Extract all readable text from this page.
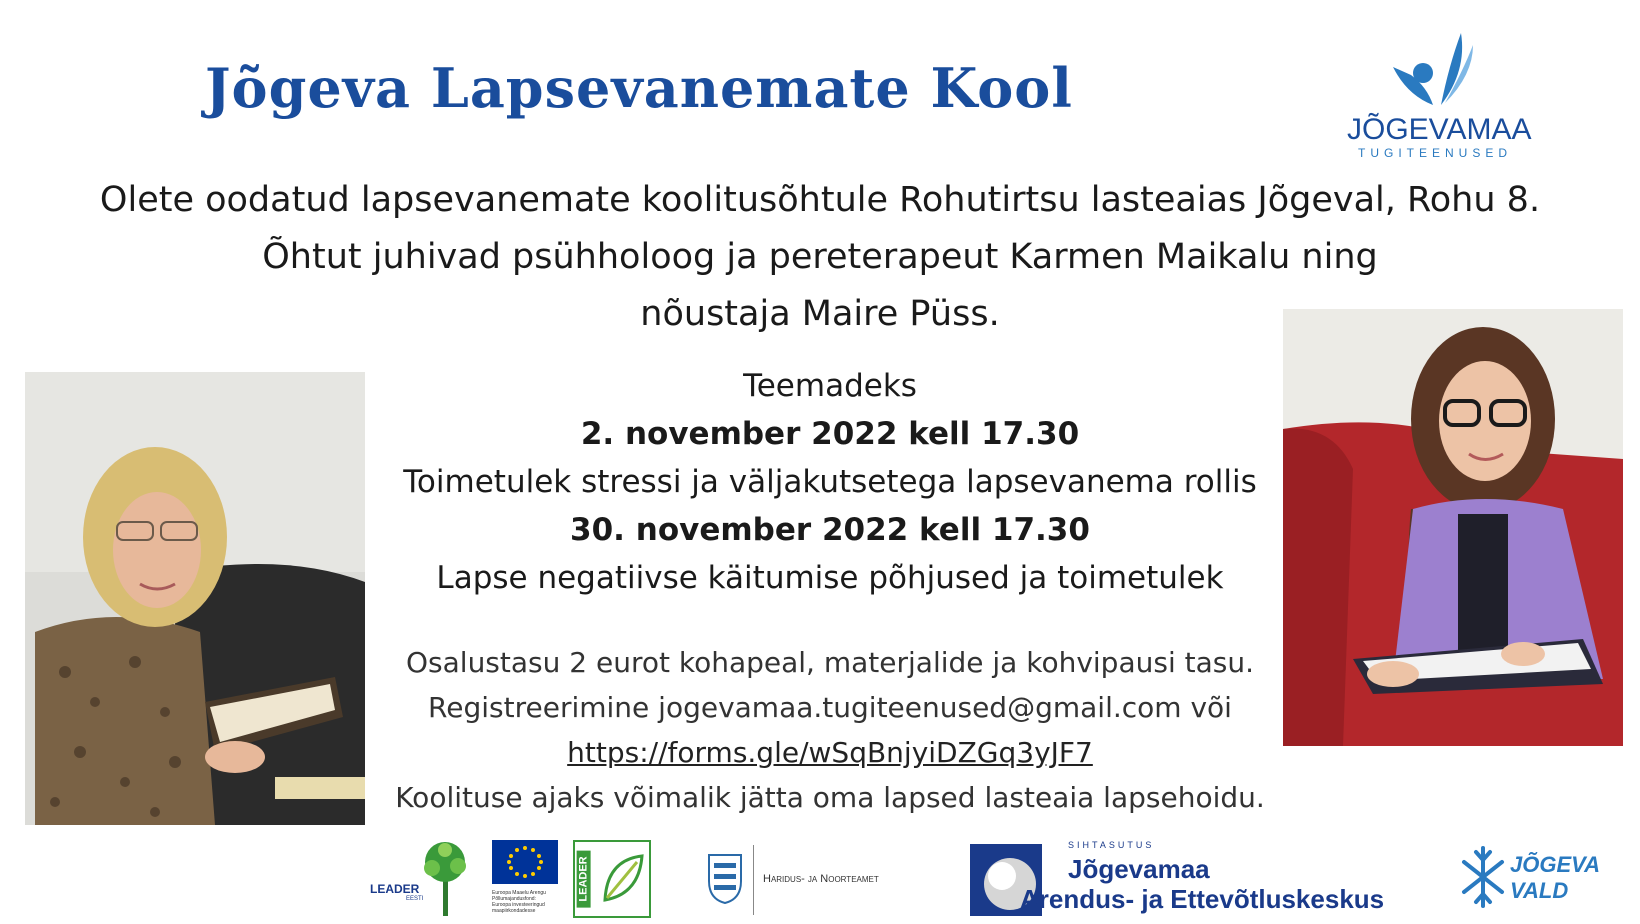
Jõgeva Lapsevanemate Kool
JÕGEVAMAA
TUGITEENUSED
Olete oodatud lapsevanemate koolitusõhtule Rohutirtsu lasteaias Jõgeval, Rohu 8.
Õhtut juhivad psühholoog ja pereterapeut Karmen Maikalu ning
nõustaja Maire Püss.
Teemadeks
2. november 2022 kell 17.30
Toimetulek stressi ja väljakutsetega lapsevanema rollis
30. november 2022 kell 17.30
Lapse negatiivse käitumise põhjused ja toimetulek
Osalustasu 2 eurot kohapeal, materjalide ja kohvipausi tasu.
Registreerimine jogevamaa.tugiteenused@gmail.com või
https://forms.gle/wSqBnjyiDZGq3yJF7
Koolituse ajaks võimalik jätta oma lapsed lasteaia lapsehoidu.
LEADER
EESTI
Euroopa Maaelu Arengu
Põllumajandusfond:
Euroopa investeeringud
maapiirkondadesse
LEADER	Haridus- ja Noorteamet
SIHTASUTUS
Jõgevamaa
Arendus- ja Ettevõtluskeskus
JÕGEVA
VALD
